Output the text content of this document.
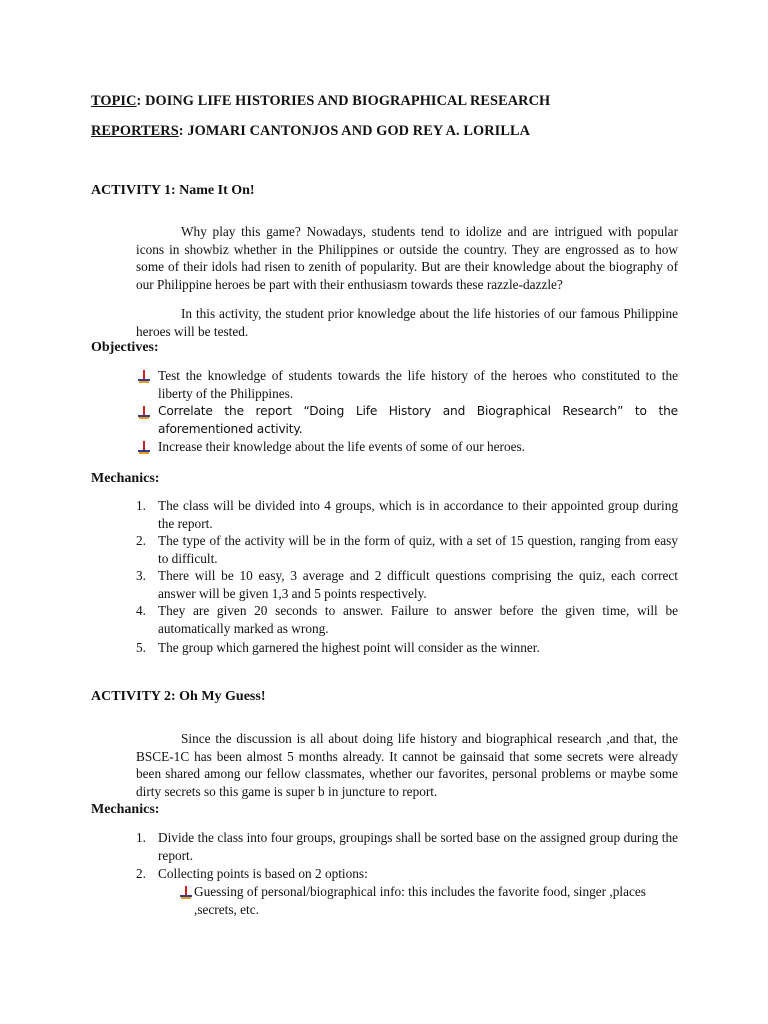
TOPIC: DOING LIFE HISTORIES AND BIOGRAPHICAL RESEARCH
REPORTERS: JOMARI CANTONJOS AND GOD REY A. LORILLA
ACTIVITY 1: Name It On!

Why play this game? Nowadays, students tend to idolize and are intrigued with popular icons in showbiz whether in the Philippines or outside the country. They are engrossed as to how some of their idols had risen to zenith of popularity. But are their knowledge about the biography of our Philippine heroes be part with their enthusiasm towards these razzle-dazzle?

In this activity, the student prior knowledge about the life histories of our famous Philippine heroes will be tested.

Objectives:
Test the knowledge of students towards the life history of the heroes who constituted to the liberty of the Philippines.
Correlate the report “Doing Life History and Biographical Research” to the aforementioned activity.
Increase their knowledge about the life events of some of our heroes.
Mechanics:
1. The class will be divided into 4 groups, which is in accordance to their appointed group during the report.
2. The type of the activity will be in the form of quiz, with a set of 15 question, ranging from easy to difficult.
3. There will be 10 easy, 3 average and 2 difficult questions comprising the quiz, each correct answer will be given 1,3 and 5 points respectively.
4. They are given 20 seconds to answer. Failure to answer before the given time, will be automatically marked as wrong.
5. The group which garnered the highest point will consider as the winner.
ACTIVITY 2: Oh My Guess!

Since the discussion is all about doing life history and biographical research ,and that, the BSCE-1C has been almost 5 months already. It cannot be gainsaid that some secrets were already been shared among our fellow classmates, whether our favorites, personal problems or maybe some dirty secrets so this game is super b in juncture to report.

Mechanics:
1. Divide the class into four groups, groupings shall be sorted base on the assigned group during the report.
2. Collecting points is based on 2 options:
Guessing of personal/biographical info: this includes the favorite food, singer ,places ,secrets, etc.
